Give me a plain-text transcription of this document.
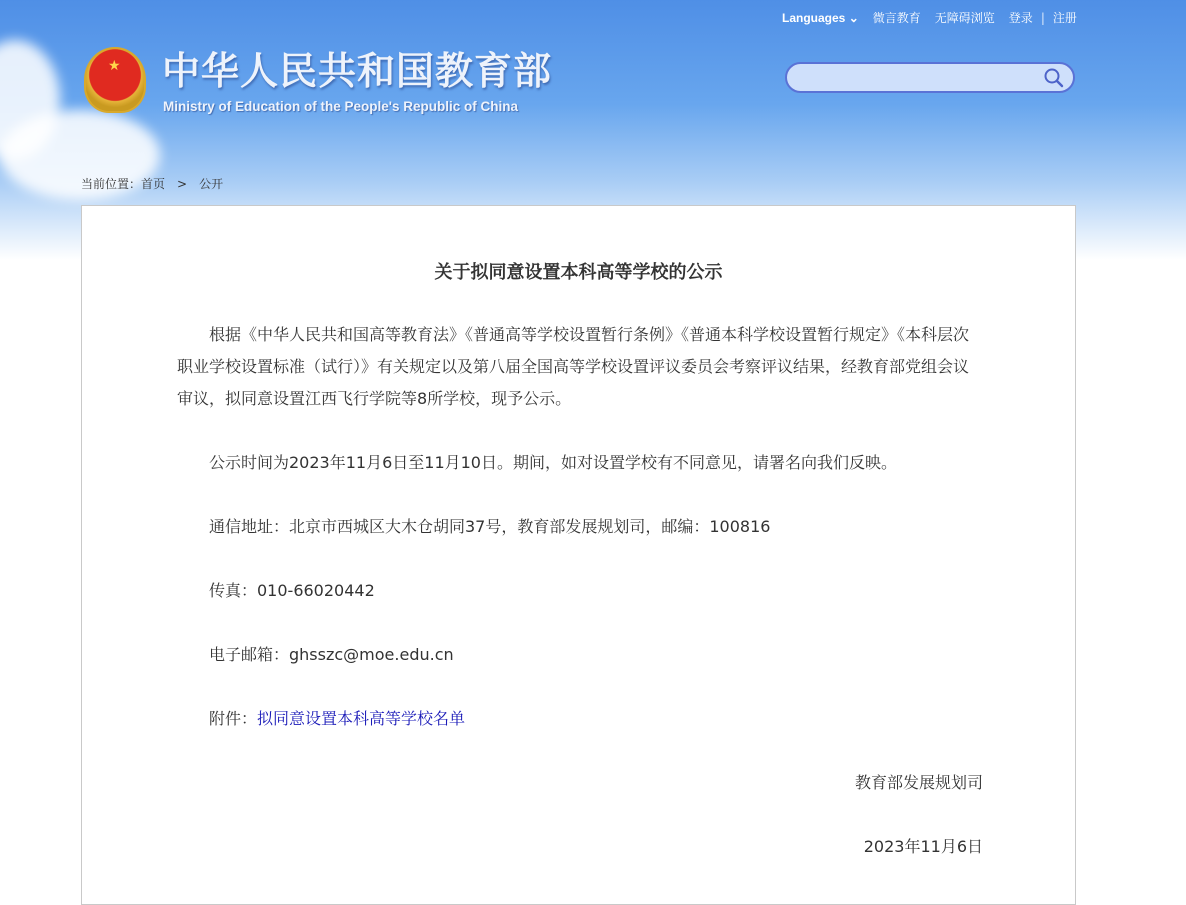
Languages ⌄ 微言教育 无障碍浏览 登录 | 注册
★ 中华人民共和国教育部
Ministry of Education of the People's Republic of China
当前位置：首页 > 公开
关于拟同意设置本科高等学校的公示

根据《中华人民共和国高等教育法》《普通高等学校设置暂行条例》《普通本科学校设置暂行规定》《本科层次职业学校设置标准（试行）》有关规定以及第八届全国高等学校设置评议委员会考察评议结果，经教育部党组会议审议，拟同意设置江西飞行学院等8所学校，现予公示。

公示时间为2023年11月6日至11月10日。期间，如对设置学校有不同意见，请署名向我们反映。

通信地址：北京市西城区大木仓胡同37号，教育部发展规划司，邮编：100816

传真：010-66020442

电子邮箱：ghsszc@moe.edu.cn

附件：拟同意设置本科高等学校名单

教育部发展规划司

2023年11月6日
